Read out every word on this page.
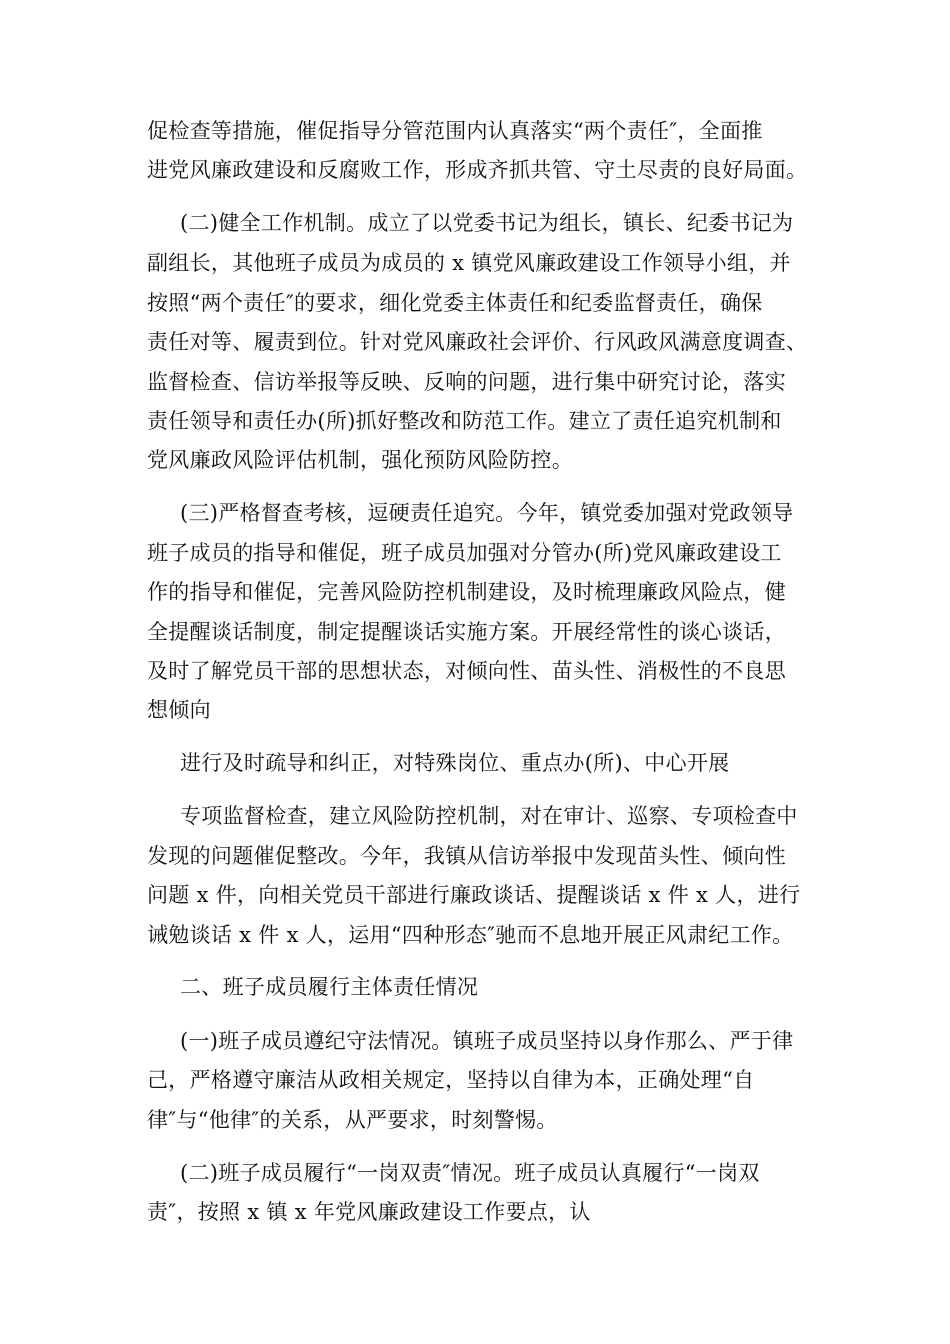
促检查等措施，催促指导分管范围内认真落实“两个责任″，全面推
进党风廉政建设和反腐败工作，形成齐抓共管、守土尽责的良好局面。
(二)健全工作机制。成立了以党委书记为组长，镇长、纪委书记为
副组长，其他班子成员为成员的 x 镇党风廉政建设工作领导小组，并
按照“两个责任″的要求，细化党委主体责任和纪委监督责任，确保
责任对等、履责到位。针对党风廉政社会评价、行风政风满意度调查、
监督检查、信访举报等反映、反响的问题，进行集中研究讨论，落实
责任领导和责任办(所)抓好整改和防范工作。建立了责任追究机制和
党风廉政风险评估机制，强化预防风险防控。
(三)严格督查考核，逗硬责任追究。今年，镇党委加强对党政领导
班子成员的指导和催促，班子成员加强对分管办(所)党风廉政建设工
作的指导和催促，完善风险防控机制建设，及时梳理廉政风险点，健
全提醒谈话制度，制定提醒谈话实施方案。开展经常性的谈心谈话，
及时了解党员干部的思想状态，对倾向性、苗头性、消极性的不良思
想倾向
进行及时疏导和纠正，对特殊岗位、重点办(所)、中心开展
专项监督检查，建立风险防控机制，对在审计、巡察、专项检查中
发现的问题催促整改。今年，我镇从信访举报中发现苗头性、倾向性
问题 x 件，向相关党员干部进行廉政谈话、提醒谈话 x 件 x 人，进行
诫勉谈话 x 件 x 人，运用“四种形态″驰而不息地开展正风肃纪工作。
二、班子成员履行主体责任情况
(一)班子成员遵纪守法情况。镇班子成员坚持以身作那么、严于律
己，严格遵守廉洁从政相关规定，坚持以自律为本，正确处理“自
律″与“他律″的关系，从严要求，时刻警惕。
(二)班子成员履行“一岗双责″情况。班子成员认真履行“一岗双
责″，按照 x 镇 x 年党风廉政建设工作要点，认
